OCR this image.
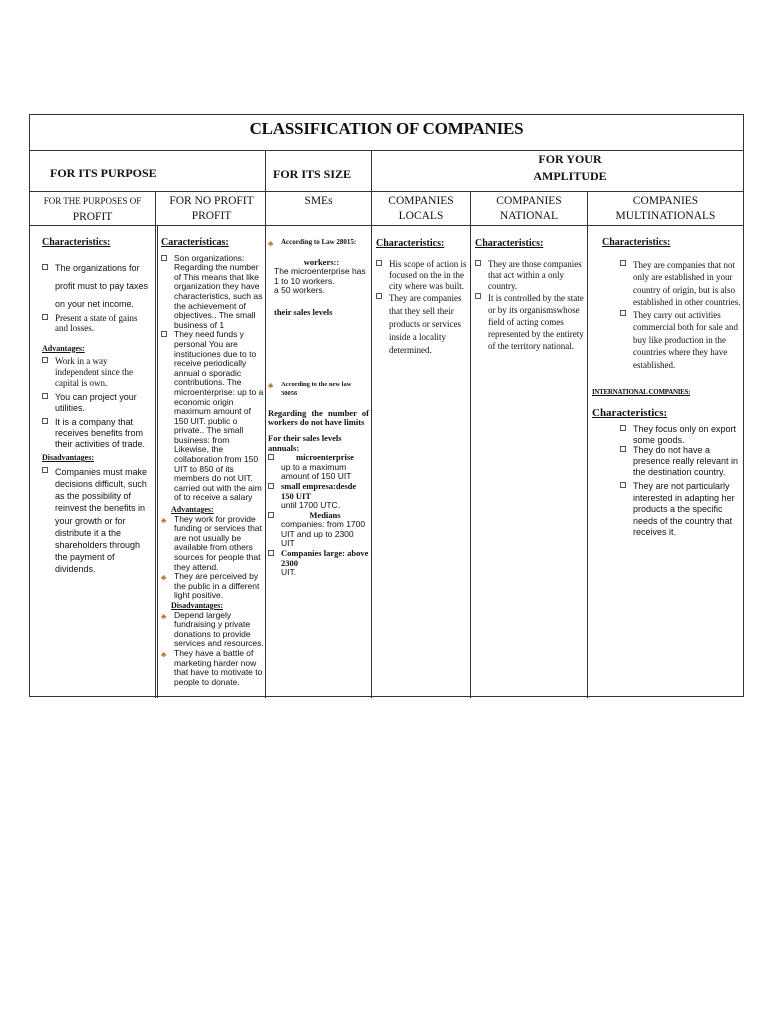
CLASSIFICATION OF COMPANIES
FOR ITS PURPOSE	FOR ITS SIZE
FOR YOUR AMPLITUDE
FOR THE PURPOSES OF
PROFIT
FOR NO PROFIT
PROFIT
SMEs	COMPANIES
LOCALS
COMPANIES
NATIONAL
COMPANIES
MULTINATIONALS
Characteristics:
The organizations for profit must to pay taxes on your net income.
Present a state of gains and losses.
Advantages:
Work in a way independent since the capital is own.
You can project your utilities.
It is a company that receives benefits from their activities of trade.
Disadvantages:
Companies must make decisions difficult, such as the possibility of reinvest the benefits in your growth or for distribute it a the shareholders through the payment of dividends.
Características:
Son organizations: Regarding the number of This means that like organization they have characteristics, such as the achievement of objectives.. The small business of 1
They need funds y personal You are instituciones due to to receive periodically annual o sporadic contributions. The microenterprise: up to a economic origin maximum amount of 150 UIT. public o private.. The small business: from Likewise, the collaboration from 150 UIT to 850 of its members do not UIT. carried out with the aim of to receive a salary
Advantages:
♣ They work for provide funding or services that are not usually be available from others sources for people that they attend.
♣ They are perceived by the public in a different light positive.
Disadvantages:
♣ Depend largely fundraising y private donations to provide services and resources.
♣ They have a battle of marketing harder now that have to motivate to people to donate.
♣ According to Law 28015:
workers::
The microenterprise has
1 to 10 workers.
a 50 workers.
their sales levels
♣ According to the new law 30056
Regarding the number of workers do not have limits
For their sales levels annuals:
microenterprise
up to a maximum amount of 150 UIT
small empresa:desde 150 UIT
until 1700 UTC.
Medians
companies: from 1700 UIT and up to 2300 UIT
Companies large: above 2300
UIT.
Characteristics:
His scope of action is focused on the in the city where was built.
They are companies that they sell their products or services inside a locality determined.
Characteristics:
They are those companies that act within a only country.
It is controlled by the state or by its organismswhose field of acting comes represented by the entirety of the territory national.
Characteristics:
They are companies that not only are established in your country of origin, but is also established in other countries.
They carry out activities commercial both for sale and buy like production in the countries where they have established.
INTERNATIONAL COMPANIES:
Characteristics:
They focus only on export some goods.
They do not have a presence really relevant in the destination country.
They are not particularly interested in adapting her products a the specific needs of the country that receives it.
